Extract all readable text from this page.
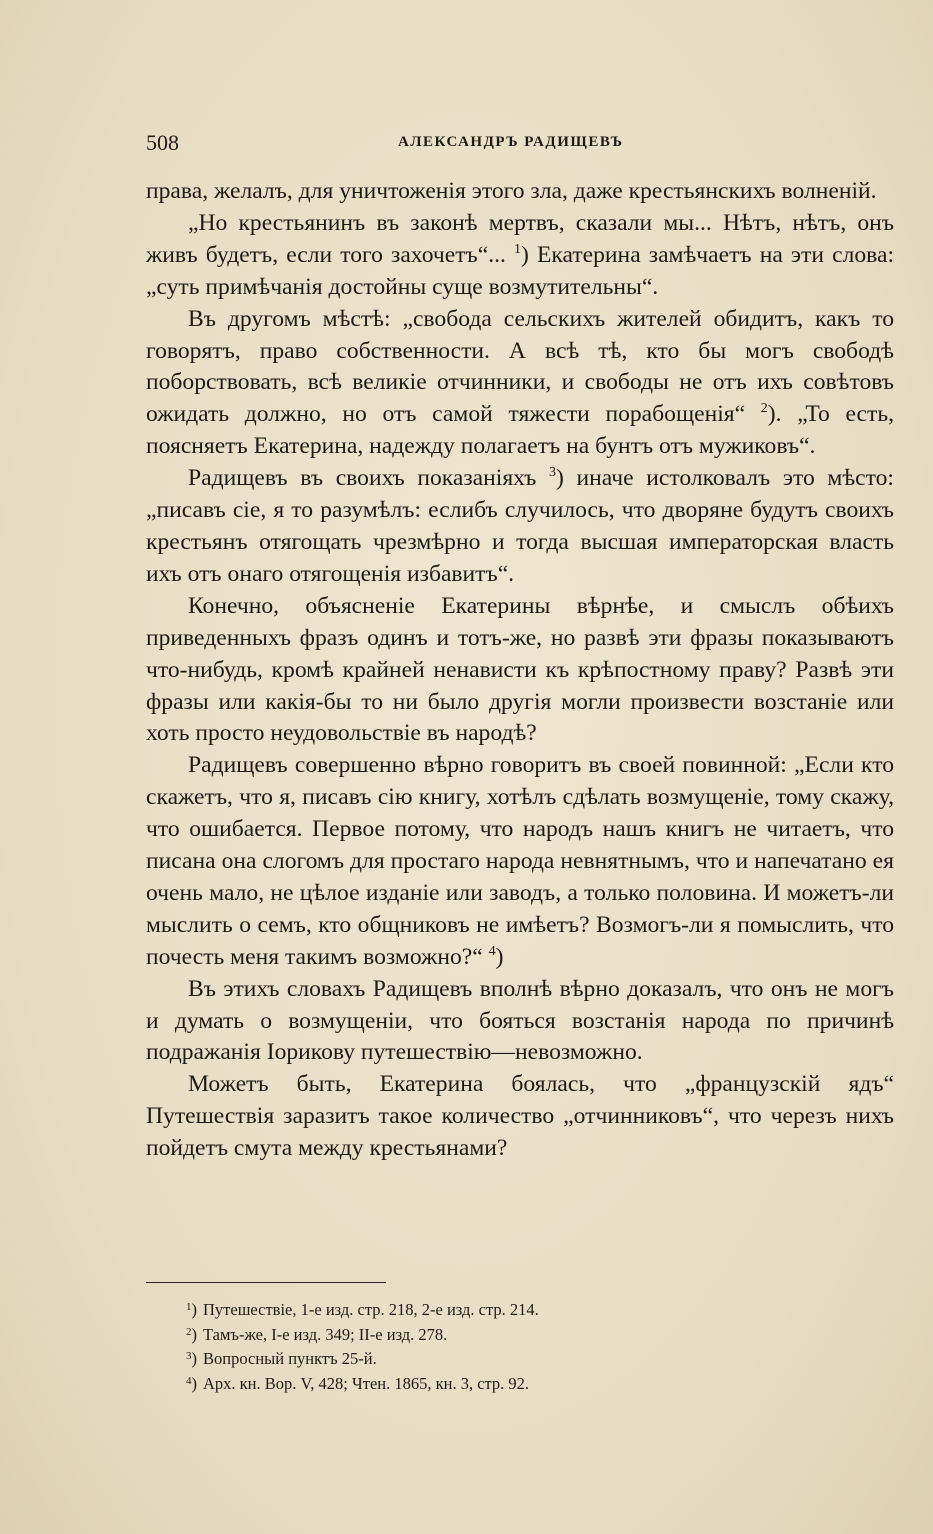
508	АЛЕКСАНДРЪ РАДИЩЕВЪ

права, желалъ, для уничтоженія этого зла, даже крестьянскихъ волненій.

„Но крестьянинъ въ законѣ мертвъ, сказали мы... Нѣтъ, нѣтъ, онъ живъ будетъ, если того захочетъ“... $^1$) Екатерина замѣчаетъ на эти слова: „суть примѣчанія достойны суще возмутительны“.

Въ другомъ мѣстѣ: „свобода сельскихъ жителей обидитъ, какъ то говорятъ, право собственности. А всѣ тѣ, кто бы могъ свободѣ поборствовать, всѣ великіе отчинники, и свободы не отъ ихъ совѣтовъ ожидать должно, но отъ самой тяжести порабощенія“ $^2$). „То есть, поясняетъ Екатерина, надежду полагаетъ на бунтъ отъ мужиковъ“.

Радищевъ въ своихъ показаніяхъ $^3$) иначе истолковалъ это мѣсто: „писавъ сіе, я то разумѣлъ: еслибъ случилось, что дворяне будутъ своихъ крестьянъ отягощать чрезмѣрно и тогда высшая императорская власть ихъ отъ онаго отягощенія избавитъ“.

Конечно, объясненіе Екатерины вѣрнѣе, и смыслъ обѣихъ приведенныхъ фразъ одинъ и тотъ-же, но развѣ эти фразы показываютъ что-нибудь, кромѣ крайней ненависти къ крѣпостному праву? Развѣ эти фразы или какія-бы то ни было другія могли произвести возстаніе или хоть просто неудовольствіе въ народѣ?

Радищевъ совершенно вѣрно говоритъ въ своей повинной: „Если кто скажетъ, что я, писавъ сію книгу, хотѣлъ сдѣлать возмущеніе, тому скажу, что ошибается. Первое потому, что народъ нашъ книгъ не читаетъ, что писана она слогомъ для простаго народа невнятнымъ, что и напечатано ея очень мало, не цѣлое изданіе или заводъ, а только половина. И можетъ-ли мыслить о семъ, кто общниковъ не имѣетъ? Возмогъ-ли я помыслить, что почесть меня такимъ возможно?“ $^4$)

Въ этихъ словахъ Радищевъ вполнѣ вѣрно доказалъ, что онъ не могъ и думать о возмущеніи, что бояться возстанія народа по причинѣ подражанія Іорикову путешествію—невозможно.

Можетъ быть, Екатерина боялась, что „французскій ядъ“ Путешествія заразитъ такое количество „отчинниковъ“, что черезъ нихъ пойдетъ смута между крестьянами?

$^1$) Путешествіе, 1-е изд. стр. 218, 2-е изд. стр. 214.
$^2$) Тамъ-же, I-е изд. 349; II-е изд. 278.
$^3$) Вопросный пунктъ 25-й.
$^4$) Арх. кн. Вор. V, 428; Чтен. 1865, кн. 3, стр. 92.
